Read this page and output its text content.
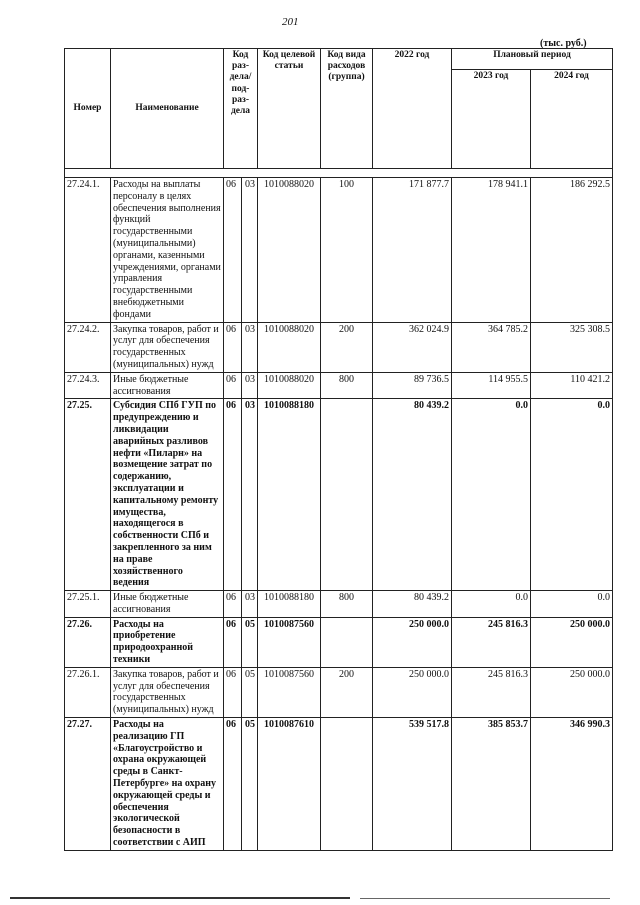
201
(тыс. руб.)
Номер	Наименование	Код раз- дела/ под- раз- дела		Код целевой статьи	Код вида расходов (группа)	2022 год	Плановый период	
							2023 год	2024 год

27.24.1.	Расходы на выплаты персоналу в целях обеспечения выполнения функций государственными (муниципальными) органами, казенными учреждениями, органами управления государственными внебюджетными фондами	06	03	1010088020	100	171 877.7	178 941.1	186 292.5
27.24.2.	Закупка товаров, работ и услуг для обеспечения государственных (муниципальных) нужд	06	03	1010088020	200	362 024.9	364 785.2	325 308.5
27.24.3.	Иные бюджетные ассигнования	06	03	1010088020	800	89 736.5	114 955.5	110 421.2
27.25.	Субсидия СПб ГУП по предупреждению и ликвидации аварийных разливов нефти «Пиларн» на возмещение затрат по содержанию, эксплуатации и капитальному ремонту имущества, находящегося в собственности СПб и закрепленного за ним на праве хозяйственного ведения	06	03	1010088180		80 439.2	0.0	0.0
27.25.1.	Иные бюджетные ассигнования	06	03	1010088180	800	80 439.2	0.0	0.0
27.26.	Расходы на приобретение природоохранной техники	06	05	1010087560		250 000.0	245 816.3	250 000.0
27.26.1.	Закупка товаров, работ и услуг для обеспечения государственных (муниципальных) нужд	06	05	1010087560	200	250 000.0	245 816.3	250 000.0
27.27.	Расходы на реализацию ГП «Благоустройство и охрана окружающей среды в Санкт-Петербурге» на охрану окружающей среды и обеспечения экологической безопасности в соответствии с АИП	06	05	1010087610		539 517.8	385 853.7	346 990.3
